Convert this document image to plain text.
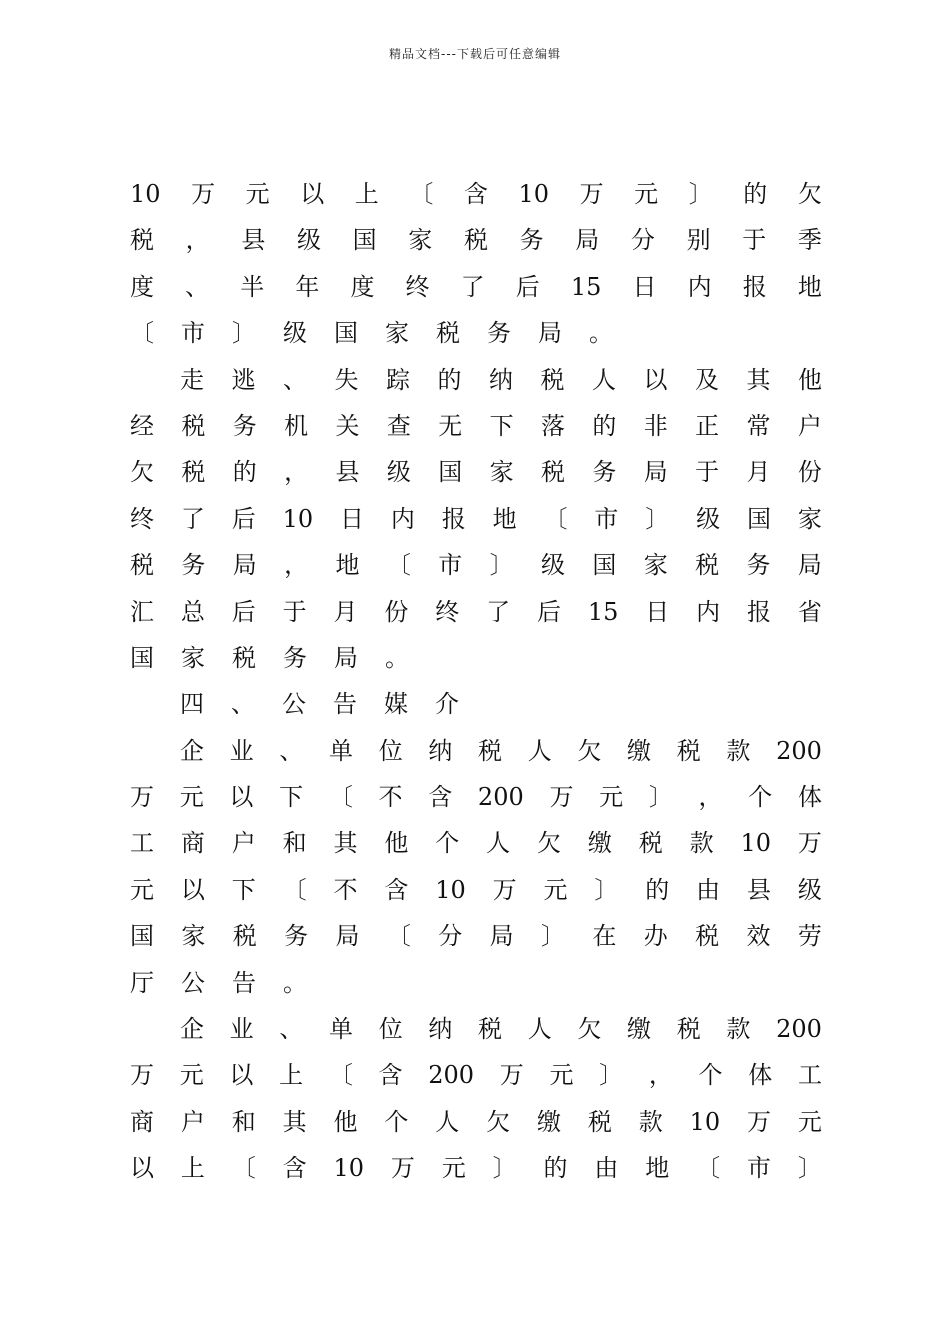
精品文档---下载后可任意编辑
10 万 元 以 上 〔 含 10 万 元 〕 的 欠
税 ， 县 级 国 家 税 务 局 分 别 于 季
度 、 半 年 度 终 了 后 15 日 内 报 地
〔 市 〕 级 国 家 税 务 局 。
走 逃 、 失 踪 的 纳 税 人 以 及 其 他
经 税 务 机 关 查 无 下 落 的 非 正 常 户
欠 税 的 ， 县 级 国 家 税 务 局 于 月 份
终 了 后 10 日 内 报 地 〔 市 〕 级 国 家
税 务 局 ， 地 〔 市 〕 级 国 家 税 务 局
汇 总 后 于 月 份 终 了 后 15 日 内 报 省
国 家 税 务 局 。
四 、 公 告 媒 介
企 业 、 单 位 纳 税 人 欠 缴 税 款 200
万 元 以 下 〔 不 含 200 万 元 〕 ， 个 体
工 商 户 和 其 他 个 人 欠 缴 税 款 10 万
元 以 下 〔 不 含 10 万 元 〕 的 由 县 级
国 家 税 务 局 〔 分 局 〕 在 办 税 效 劳
厅 公 告 。
企 业 、 单 位 纳 税 人 欠 缴 税 款 200
万 元 以 上 〔 含 200 万 元 〕 ， 个 体 工
商 户 和 其 他 个 人 欠 缴 税 款 10 万 元
以 上 〔 含 10 万 元 〕 的 由 地 〔 市 〕
